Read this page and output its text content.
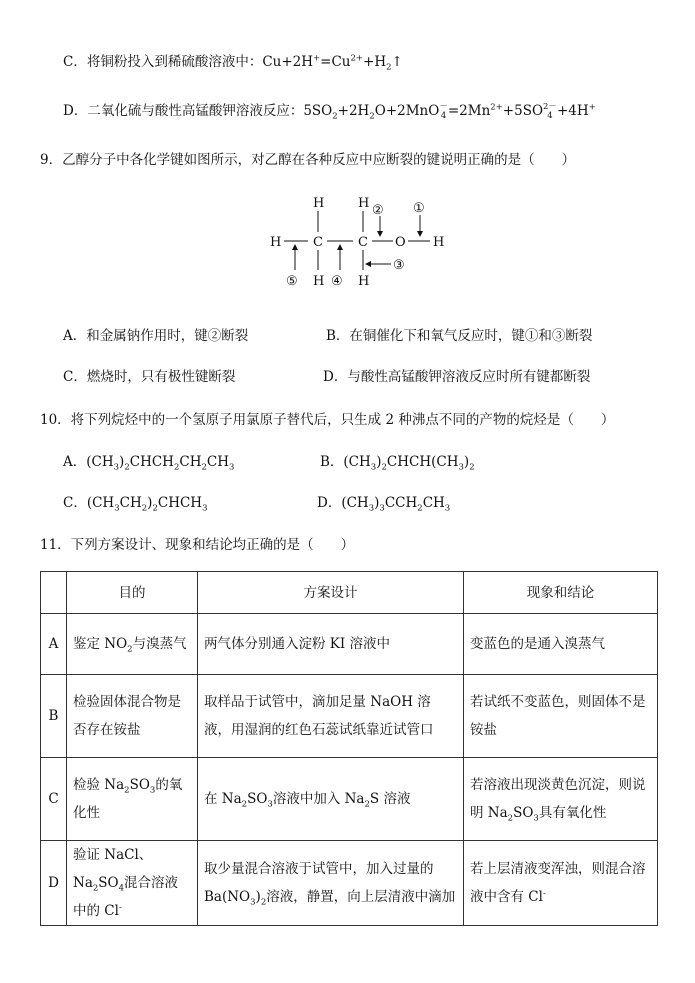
C．将铜粉投入到稀硫酸溶液中：$Cu+2H^+=Cu^{2+}+H_2↑$
D．二氧化硫与酸性高锰酸钾溶液反应：$5SO_2+2H_2O+2MnO$ －
$4 =2Mn^{2+}+5SO$ 2－
4 +4H+
9．乙醇分子中各化学键如图所示，对乙醇在各种反应中应断裂的键说明正确的是（　　）
H	H
H C	C O H
H	H
② ①
③
⑤	④
A．和金属钠作用时，键②断裂	B．在铜催化下和氧气反应时，键①和③断裂
C．燃烧时，只有极性键断裂	D．与酸性高锰酸钾溶液反应时所有键都断裂
10．将下列烷烃中的一个氢原子用氯原子替代后，只生成 2 种沸点不同的产物的烷烃是（　　）
A．$(CH_3)_2CHCH_2CH_2CH_3$	B．$(CH_3)_2CHCH(CH_3)_2$
C．$(CH_3CH_2)_2CHCH_3$	D．$(CH_3)_3CCH_2CH_3$
11．下列方案设计、现象和结论均正确的是（　　）
	目的	方案设计	现象和结论
A	鉴定 $NO_2$与溴蒸气	两气体分别通入淀粉 KI 溶液中	变蓝色的是通入溴蒸气
B	检验固体混合物是否存在铵盐	取样品于试管中，滴加足量 NaOH 溶液，用湿润的红色石蕊试纸靠近试管口	若试纸不变蓝色，则固体不是铵盐
C	检验 $Na_2SO_3$的氧化性	在 $Na_2SO_3$溶液中加入 $Na_2S$ 溶液	若溶液出现淡黄色沉淀，则说明 $Na_2SO_3$具有氧化性
D	验证 NaCl、$Na_2SO_4$混合溶液中的 Cl-	取少量混合溶液于试管中，加入过量的 $Ba(NO_3)_2$溶液，静置，向上层清液中滴加	若上层清液变浑浊，则混合溶液中含有 Cl-
